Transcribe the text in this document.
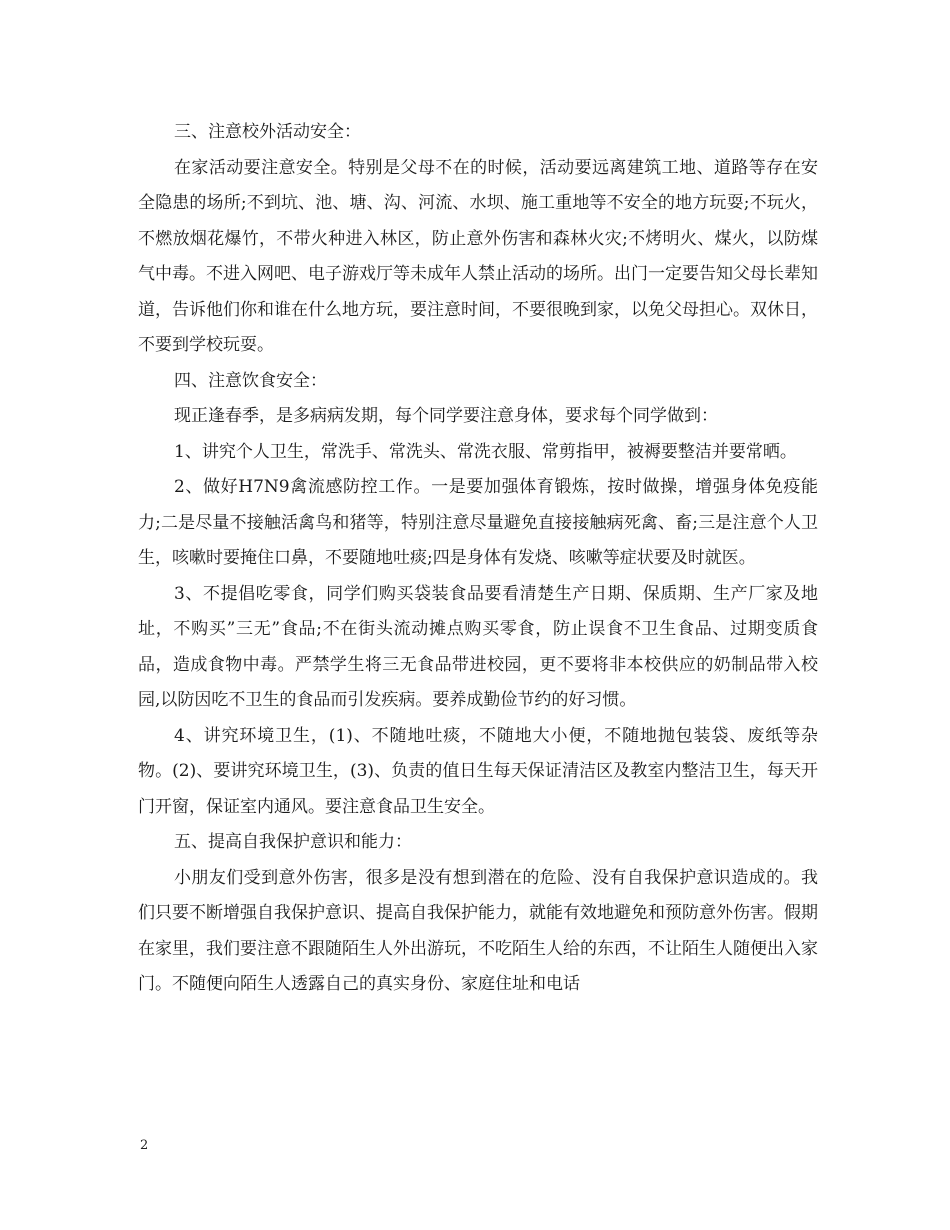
三、注意校外活动安全：

在家活动要注意安全。特别是父母不在的时候，活动要远离建筑工地、道路等存在安全隐患的场所;不到坑、池、塘、沟、河流、水坝、施工重地等不安全的地方玩耍;不玩火，不燃放烟花爆竹，不带火种进入林区，防止意外伤害和森林火灾;不烤明火、煤火，以防煤气中毒。不进入网吧、电子游戏厅等未成年人禁止活动的场所。出门一定要告知父母长辈知道，告诉他们你和谁在什么地方玩，要注意时间，不要很晚到家，以免父母担心。双休日，不要到学校玩耍。

四、注意饮食安全：

现正逢春季，是多病病发期，每个同学要注意身体，要求每个同学做到：

1、讲究个人卫生，常洗手、常洗头、常洗衣服、常剪指甲，被褥要整洁并要常晒。

2、做好H7N9禽流感防控工作。一是要加强体育锻炼，按时做操，增强身体免疫能力;二是尽量不接触活禽鸟和猪等，特别注意尽量避免直接接触病死禽、畜;三是注意个人卫生，咳嗽时要掩住口鼻，不要随地吐痰;四是身体有发烧、咳嗽等症状要及时就医。

3、不提倡吃零食，同学们购买袋装食品要看清楚生产日期、保质期、生产厂家及地址，不购买”三无”食品;不在街头流动摊点购买零食，防止误食不卫生食品、过期变质食品，造成食物中毒。严禁学生将三无食品带进校园，更不要将非本校供应的奶制品带入校园,以防因吃不卫生的食品而引发疾病。要养成勤俭节约的好习惯。

4、讲究环境卫生，(1)、不随地吐痰，不随地大小便，不随地抛包装袋、废纸等杂物。(2)、要讲究环境卫生，(3)、负责的值日生每天保证清洁区及教室内整洁卫生，每天开门开窗，保证室内通风。要注意食品卫生安全。

五、提高自我保护意识和能力：

小朋友们受到意外伤害，很多是没有想到潜在的危险、没有自我保护意识造成的。我们只要不断增强自我保护意识、提高自我保护能力，就能有效地避免和预防意外伤害。假期在家里，我们要注意不跟随陌生人外出游玩，不吃陌生人给的东西，不让陌生人随便出入家门。不随便向陌生人透露自己的真实身份、家庭住址和电话

2
